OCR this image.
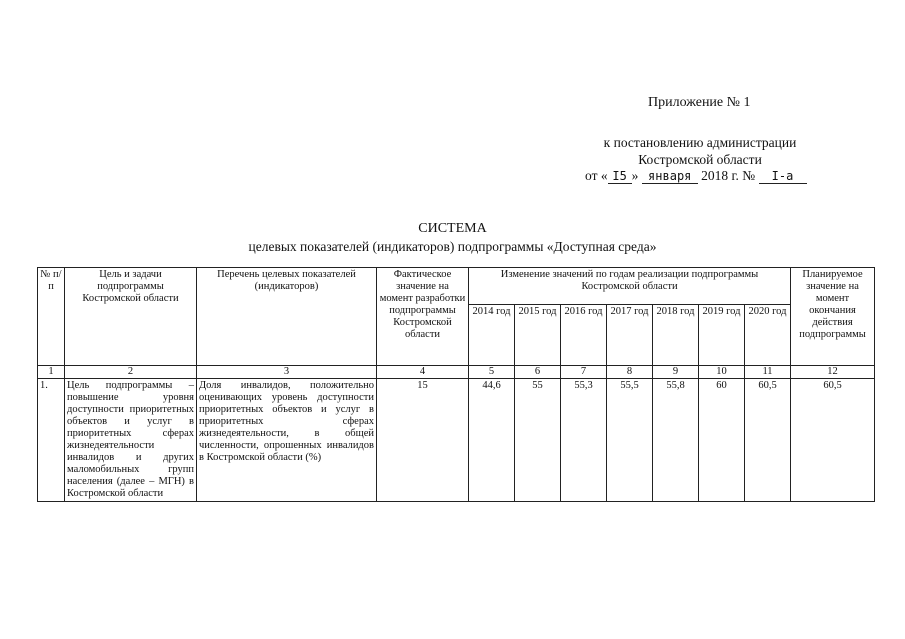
Приложение № 1
к постановлению администрации
Костромской области
от « I5 » января 2018 г. № I-a
СИСТЕМА
целевых показателей (индикаторов) подпрограммы «Доступная среда»
№ п/п	Цель и задачи подпрограммы Костромской области	Перечень целевых показателей (индикаторов)	Фактическое значение на момент разработки подпрограммы Костромской области	Изменение значений по годам реализации подпрограммы Костромской области							Планируемое значение на момент окончания действия подпрограммы
				2014 год	2015 год	2016 год	2017 год	2018 год	2019 год	2020 год	
1	2	3	4	5	6	7	8	9	10	11	12
1.	Цель подпрограммы – повышение уровня доступности приоритетных объектов и услуг в приоритетных сферах жизнедеятельности инвалидов и других маломобильных групп населения (далее – МГН) в Костромской области	Доля инвалидов, положительно оценивающих уровень доступности приоритетных объектов и услуг в приоритетных сферах жизнедеятельности, в общей численности, опрошенных инвалидов в Костромской области (%)	15	44,6	55	55,3	55,5	55,8	60	60,5	60,5
